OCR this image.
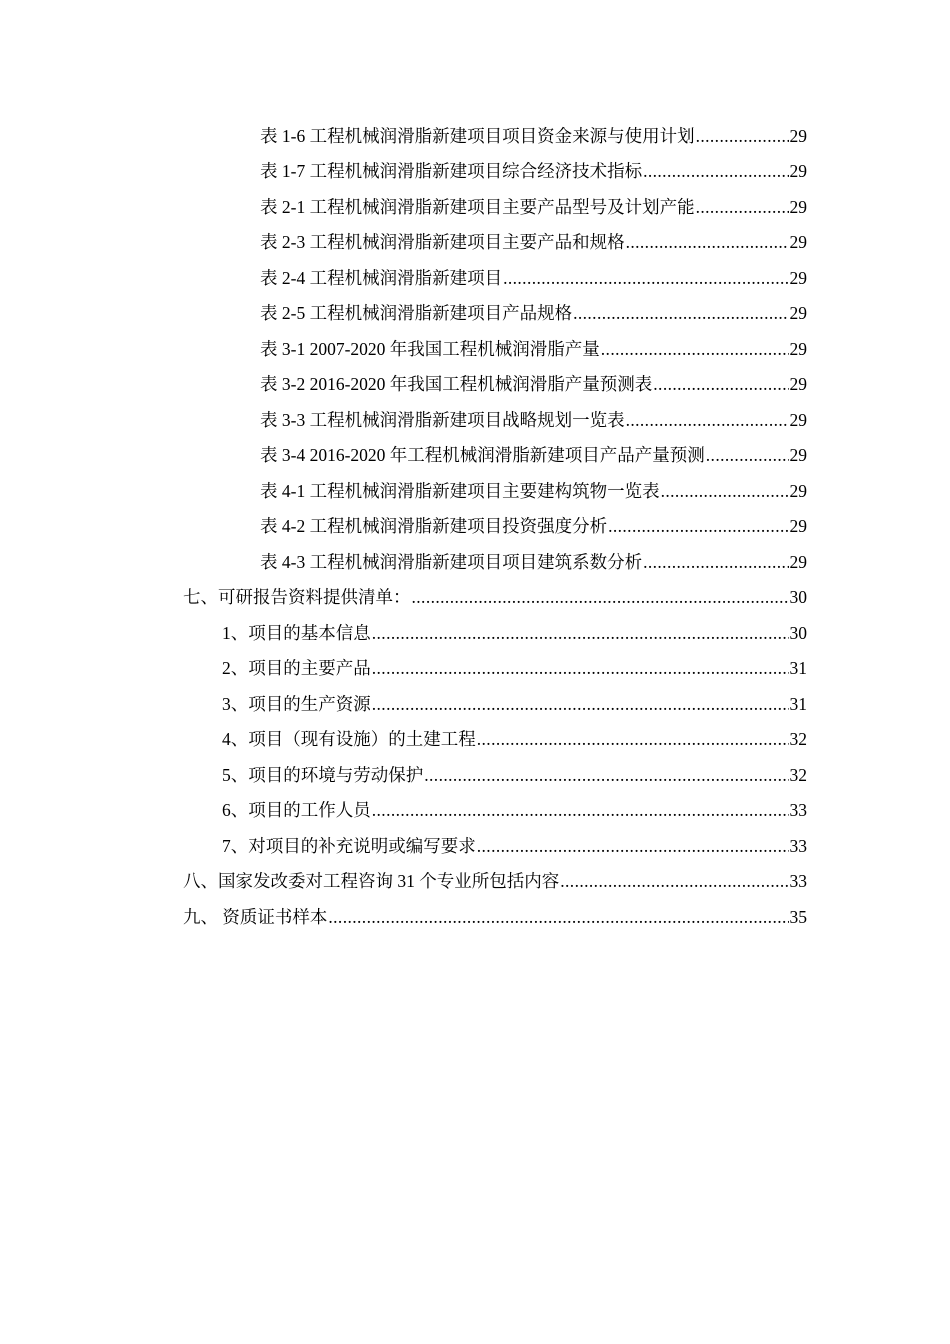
表 1-6 工程机械润滑脂新建项目项目资金来源与使用计划 .....	29
表 1-7 工程机械润滑脂新建项目综合经济技术指标 .....	29
表 2-1 工程机械润滑脂新建项目主要产品型号及计划产能 .....	29
表 2-3 工程机械润滑脂新建项目主要产品和规格 .....	29
表 2-4 工程机械润滑脂新建项目 .....	29
表 2-5 工程机械润滑脂新建项目产品规格 .....	29
表 3-1 2007-2020 年我国工程机械润滑脂产量 .....	29
表 3-2 2016-2020 年我国工程机械润滑脂产量预测表 .....	29
表 3-3 工程机械润滑脂新建项目战略规划一览表 .....	29
表 3-4 2016-2020 年工程机械润滑脂新建项目产品产量预测 .....	29
表 4-1 工程机械润滑脂新建项目主要建构筑物一览表 .....	29
表 4-2 工程机械润滑脂新建项目投资强度分析 .....	29
表 4-3 工程机械润滑脂新建项目项目建筑系数分析 .....	29
七、可研报告资料提供清单： .....	30
1、项目的基本信息 .....	30
2、项目的主要产品 .....	31
3、项目的生产资源 .....	31
4、项目（现有设施）的土建工程 .....	32
5、项目的环境与劳动保护 .....	32
6、项目的工作人员 .....	33
7、对项目的补充说明或编写要求 .....	33
八、国家发改委对工程咨询 31 个专业所包括内容 .....	33
九、 资质证书样本 .....	35
